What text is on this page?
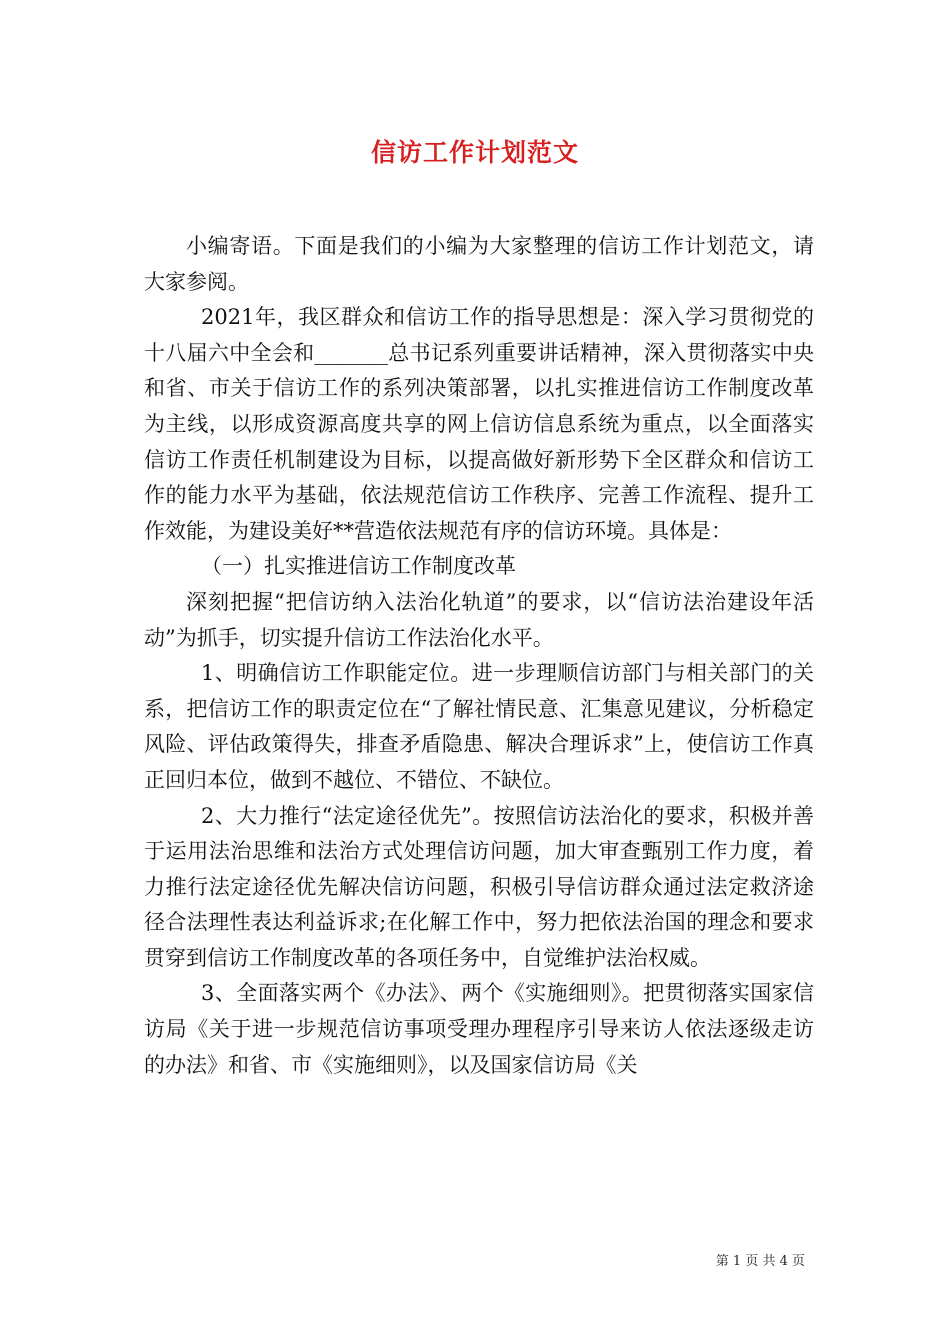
信访工作计划范文

小编寄语。下面是我们的小编为大家整理的信访工作计划范文，请大家参阅。

2021年，我区群众和信访工作的指导思想是：深入学习贯彻党的十八届六中全会和_______总书记系列重要讲话精神，深入贯彻落实中央和省、市关于信访工作的系列决策部署，以扎实推进信访工作制度改革为主线，以形成资源高度共享的网上信访信息系统为重点，以全面落实信访工作责任机制建设为目标，以提高做好新形势下全区群众和信访工作的能力水平为基础，依法规范信访工作秩序、完善工作流程、提升工作效能，为建设美好**营造依法规范有序的信访环境。具体是：

（一）扎实推进信访工作制度改革

深刻把握“把信访纳入法治化轨道”的要求，以“信访法治建设年活动”为抓手，切实提升信访工作法治化水平。

1、明确信访工作职能定位。进一步理顺信访部门与相关部门的关系，把信访工作的职责定位在“了解社情民意、汇集意见建议，分析稳定风险、评估政策得失，排查矛盾隐患、解决合理诉求”上，使信访工作真正回归本位，做到不越位、不错位、不缺位。

2、大力推行“法定途径优先”。按照信访法治化的要求，积极并善于运用法治思维和法治方式处理信访问题，加大审查甄别工作力度，着力推行法定途径优先解决信访问题，积极引导信访群众通过法定救济途径合法理性表达利益诉求;在化解工作中，努力把依法治国的理念和要求贯穿到信访工作制度改革的各项任务中，自觉维护法治权威。

3、全面落实两个《办法》、两个《实施细则》。把贯彻落实国家信访局《关于进一步规范信访事项受理办理程序引导来访人依法逐级走访的办法》和省、市《实施细则》，以及国家信访局《关

第 1 页 共 4 页
